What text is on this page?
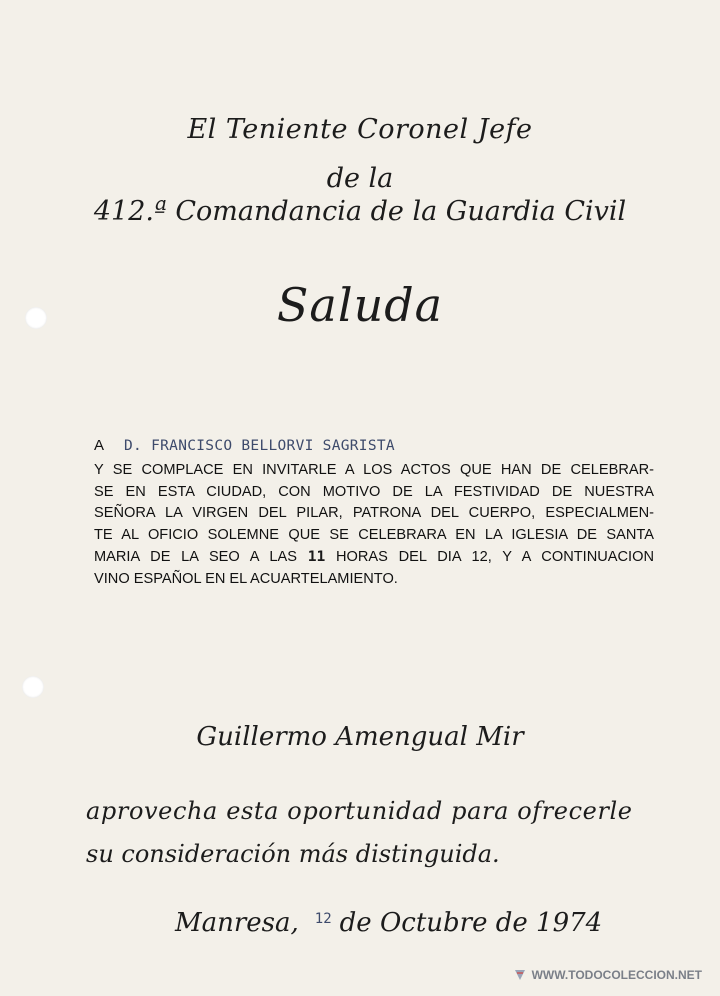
El Teniente Coronel Jefe
de la
412.ª Comandancia de la Guardia Civil
Saluda
A D. FRANCISCO BELLORVI SAGRISTA
Y SE COMPLACE EN INVITARLE A LOS ACTOS QUE HAN DE CELEBRAR-
SE EN ESTA CIUDAD, CON MOTIVO DE LA FESTIVIDAD DE NUESTRA
SEÑORA LA VIRGEN DEL PILAR, PATRONA DEL CUERPO, ESPECIALMEN-
TE AL OFICIO SOLEMNE QUE SE CELEBRARA EN LA IGLESIA DE SANTA
MARIA DE LA SEO A LAS 11 HORAS DEL DIA 12, Y A CONTINUACION
VINO ESPAÑOL EN EL ACUARTELAMIENTO.
Guillermo Amengual Mir
aprovecha esta oportunidad para ofrecerle
su consideración más distinguida.
Manresa, $^{12}$ de Octubre de 1974
WWW.TODOCOLECCION.NET
